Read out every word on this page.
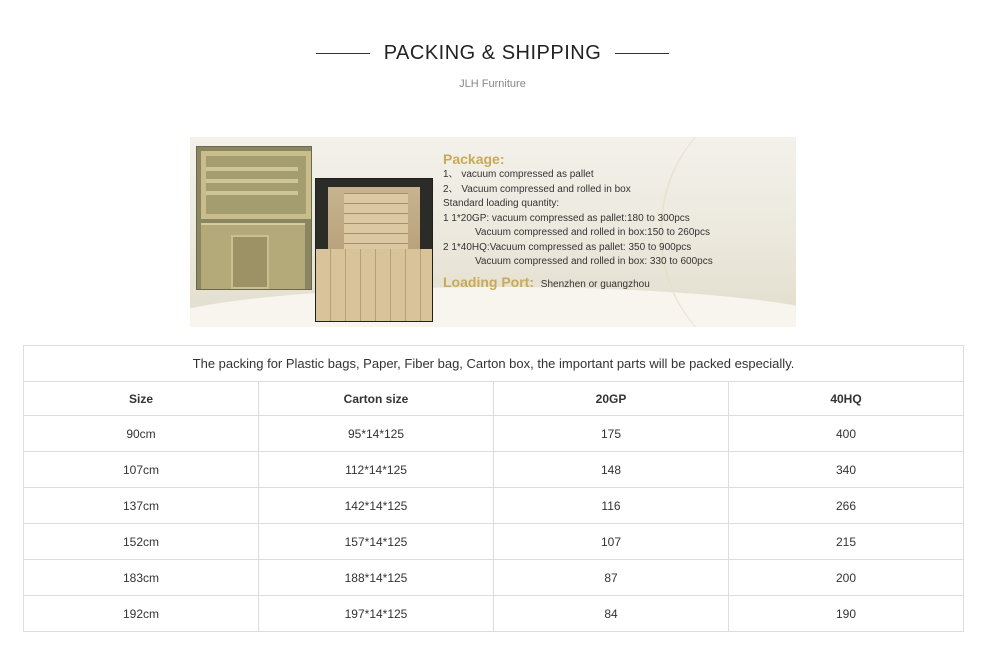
PACKING & SHIPPING
JLH Furniture
Package:
1、 vacuum compressed as pallet
2、 Vacuum compressed and rolled in box
Standard loading quantity:
1 1*20GP: vacuum compressed as pallet:180 to 300pcs
Vacuum compressed and rolled in box:150 to 260pcs
2 1*40HQ:Vacuum compressed as pallet: 350 to 900pcs
Vacuum compressed and rolled in box: 330 to 600pcs
Loading Port: Shenzhen or guangzhou
The packing for Plastic bags, Paper, Fiber bag, Carton box, the important parts will be packed especially.			
Size	Carton size	20GP	40HQ
90cm	95*14*125	175	400
107cm	112*14*125	148	340
137cm	142*14*125	116	266
152cm	157*14*125	107	215
183cm	188*14*125	87	200
192cm	197*14*125	84	190
